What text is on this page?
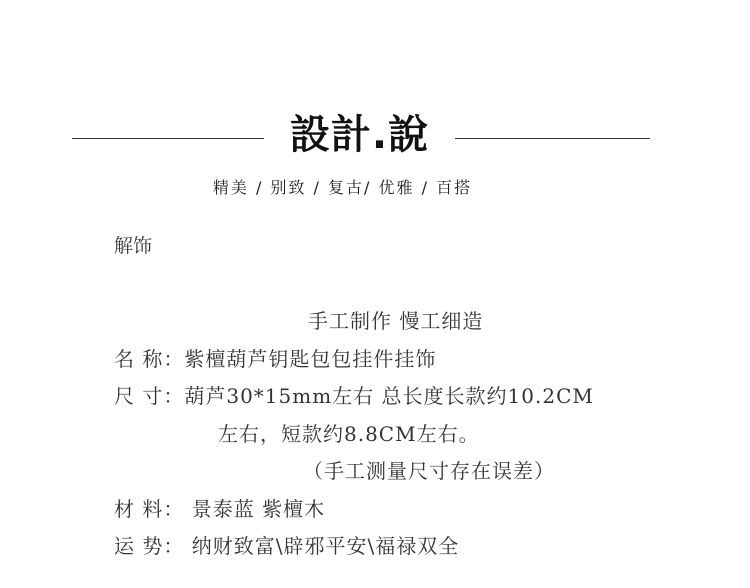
設計.說
精美 / 别致 / 复古/ 优雅 / 百搭
解饰
手工制作 慢工细造
名 称：紫檀葫芦钥匙包包挂件挂饰
尺 寸：葫芦30*15mm左右 总长度长款约10.2CM
左右，短款约8.8CM左右。
（手工测量尺寸存在误差）
材 料： 景泰蓝 紫檀木
运 势： 纳财致富\辟邪平安\福禄双全
